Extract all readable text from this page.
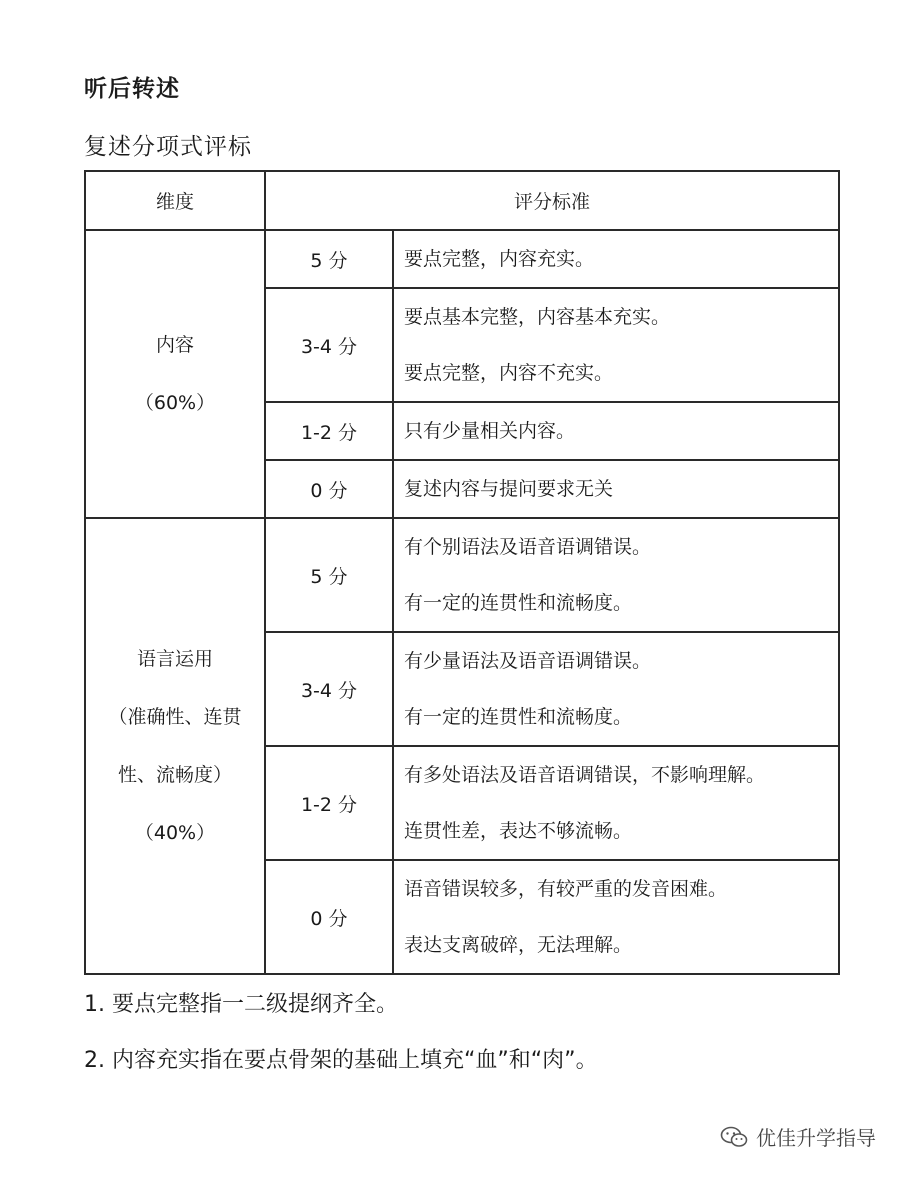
听后转述
复述分项式评标
维度	评分标准	

内容
（60%）	5 分	要点完整，内容充实。

	3-4 分	要点基本完整，内容基本充实。
要点完整，内容不充实。

	1-2 分	只有少量相关内容。

	0 分	复述内容与提问要求无关

语言运用
（准确性、连贯
性、流畅度）
（40%）	5 分	有个别语法及语音语调错误。
有一定的连贯性和流畅度。

	3-4 分	有少量语法及语音语调错误。
有一定的连贯性和流畅度。

	1-2 分	有多处语法及语音语调错误，不影响理解。
连贯性差，表达不够流畅。

	0 分	语音错误较多，有较严重的发音困难。
表达支离破碎，无法理解。
1. 要点完整指一二级提纲齐全。
2. 内容充实指在要点骨架的基础上填充“血”和“肉”。
优佳升学指导
